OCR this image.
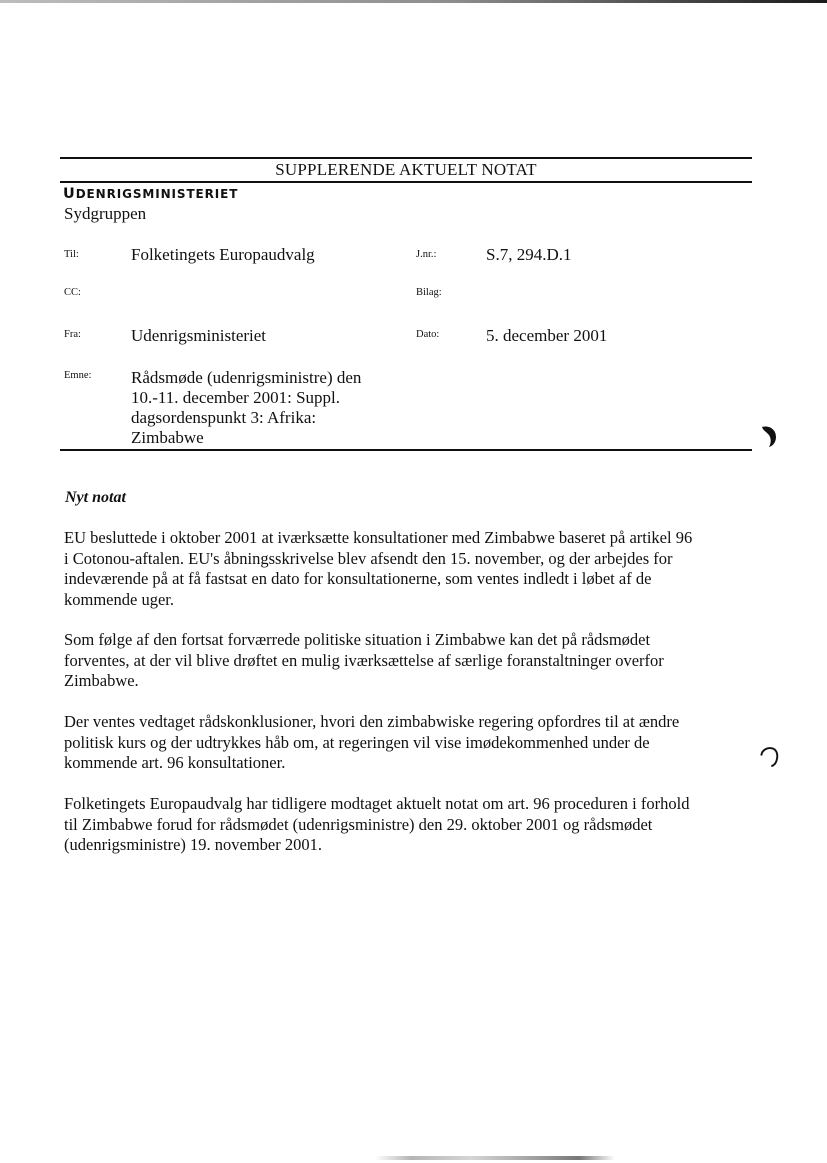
SUPPLERENDE AKTUELT NOTAT
UDENRIGSMINISTERIET
Sydgruppen
Til:	Folketingets Europaudvalg	J.nr.:	S.7, 294.D.1
CC:	Bilag:
Fra:	Udenrigsministeriet	Dato:	5. december 2001
Emne: Rådsmøde (udenrigsministre) den
10.-11. december 2001: Suppl.
dagsordenspunkt 3: Afrika:
Zimbabwe
Nyt notat
EU besluttede i oktober 2001 at iværksætte konsultationer med Zimbabwe baseret på artikel 96
i Cotonou-aftalen. EU's åbningsskrivelse blev afsendt den 15. november, og der arbejdes for
indeværende på at få fastsat en dato for konsultationerne, som ventes indledt i løbet af de
kommende uger.
Som følge af den fortsat forværrede politiske situation i Zimbabwe kan det på rådsmødet
forventes, at der vil blive drøftet en mulig iværksættelse af særlige foranstaltninger overfor
Zimbabwe.
Der ventes vedtaget rådskonklusioner, hvori den zimbabwiske regering opfordres til at ændre
politisk kurs og der udtrykkes håb om, at regeringen vil vise imødekommenhed under de
kommende art. 96 konsultationer.
Folketingets Europaudvalg har tidligere modtaget aktuelt notat om art. 96 proceduren i forhold
til Zimbabwe forud for rådsmødet (udenrigsministre) den 29. oktober 2001 og rådsmødet
(udenrigsministre) 19. november 2001.
